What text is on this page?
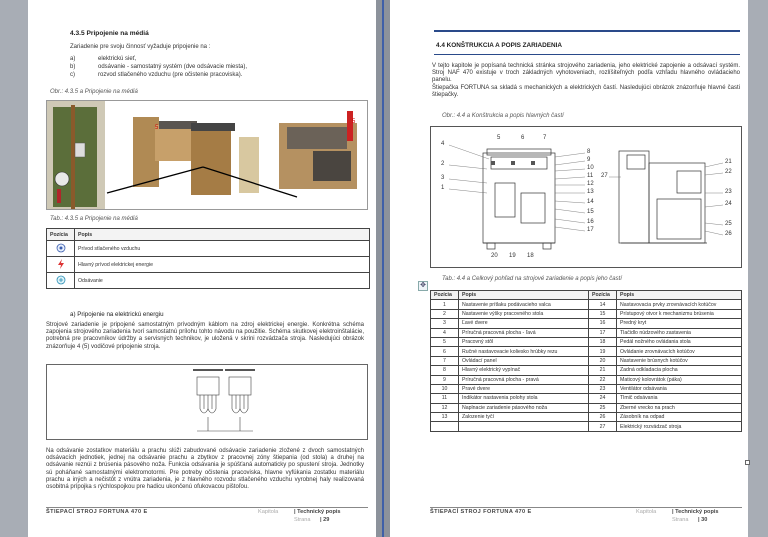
4.3.5 Pripojenie na médiá
Zariadenie pre svoju činnosť vyžaduje pripojenie na :
a)	elektrickú sieť,
b)	odsávanie - samostatný systém (dve odsávacie miesta),
c)	rozvod stlačeného vzduchu (pre očistenie pracoviska).
Obr.: 4.3.5 a Pripojenie na médiá
5
5
Tab.: 4.3.5 a Pripojenie na médiá
Pozícia	Popis
	Prívod stlačeného vzduchu
	Hlavný prívod elektrickej energie
	Odsávanie
a) Pripojenie na elektrickú energiu
Strojové zariadenie je pripojené samostatným prívodným káblom na zdroj elektrickej energie. Konkrétna schéma zapojenia strojového zariadenia tvorí samostatnú prílohu tohto návodu na použitie. Schéma skutkovej elektroinštalácie, potrebná pre pracovníkov údržby a servisných technikov, je uložená v skrini rozvádzača stroja. Nasledujúci obrázok znázorňuje 4 (5) vodičové pripojenie stroja.
Na odsávanie zostatkov materiálu a prachu slúži zabudované odsávacie zariadenie zložené z dvoch samostatných odsávacích jednotiek, jednej na odsávanie prachu a zbytkov z pracovnej zóny štiepania (od stola) a druhej na odsávanie reznúi z brúsenia pásového noža. Funkcia odsávania je spúšťaná automaticky po spustení stroja. Jednotky sú poháňané samostatnými elektromotormi. Pre potreby očistenia pracoviska, hlavne vyfúkania zostatku materiálu prachu a iných a nečistôt z vnútra zariadenia, je z hlavného rozvodu stlačeného vzduchu vyrobnej haly realizovaná osobitná prípojka s rýchlospojkou pre hadicu ukončenú ofukovacou pištoľou.
ŠTIEPACÍ STROJ FORTUNA 470 E	Kapitola	| Technický popis
Strana | 29
4.4 KONŠTRUKCIA A POPIS ZARIADENIA
V tejto kapitole je popísaná technická stránka strojového zariadenia, jeho elektrické zapojenie a odsávací systém. Stroj NAF 470 existuje v troch základných vyhotoveniach, rozlíšiteľných podľa vzhľadu hlavného ovládacieho panelu.
Štiepačka FORTUNA sa skladá s mechanických a elektrických častí. Nasledujúci obrázok znázorňuje hlavné časti štiepačky.
Obr.: 4.4 a Konštrukcia a popis hlavných častí
4
2
3
1
5	6	7
8
9
10
11
12
13
14
15
16
17
20 19 18
21
22
23
24
25
26
27
Tab.: 4.4 a Celkový pohľad na strojové zariadenie a popis jeho častí
Pozícia	Popis	Pozícia	Popis
1	Nastavenie prítlaku podávacieho valca	14	Nastavovacia prvky zrovnávacích kotúčov
2	Nastavenie výšky pracovného stola	15	Prístupový otvor k mechanizmu brúsenia
3	Ľavé dvere	16	Predný kryt
4	Príručná pracovná plocha - ľavá	17	Tlačidlo núdzového zastavenia
5	Pracovný stôl	18	Pedál nožného ovládania stola
6	Ručné nastavovacie koliesko hrúbky rezu	19	Ovládanie zrovnávacích kotúčov
7	Ovládací panel	20	Nastavenie brúsnych kotúčov
8	Hlavný elektrický vypínač	21	Zadná odkladacia plocha
9	Príručná pracovná plocha - pravá	22	Maticový kolovrátok (páka)
10	Pravé dvere	23	Ventilátor odsávania
11	Indikátor nastavenia polohy stola	24	Tlmič odsávania
12	Naplnacie zariadenie pásového noža	25	Zberné vrecko na prach
13	Zalozenie tyčí	26	Zásobník na odpad
		27	Elektrický rozvádzač stroja
ŠTIEPACÍ STROJ FORTUNA 470 E	Kapitola	| Technický popis
Strana | 30
✥
